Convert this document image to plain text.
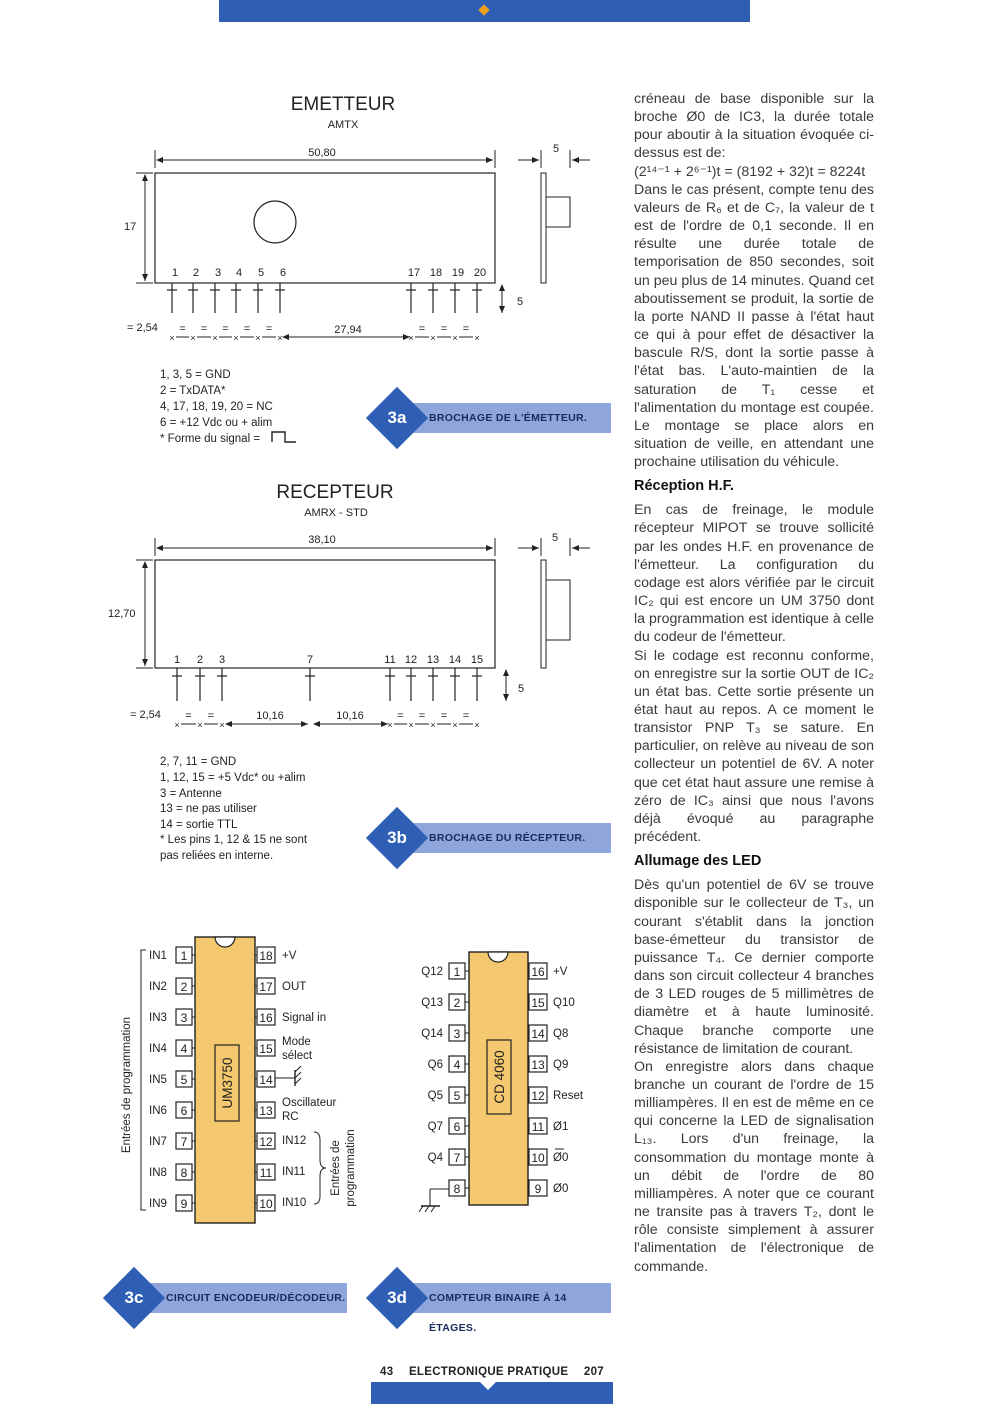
EMETTEUR
AMTX
50,80
17
5
1 2 3 4 5 6	17 18 19 20
5
= 2,54 = = = = =
× × × × × ×
= = =
× × × ×
27,94
1, 3, 5 = GND
2 = TxDATA*
4, 17, 18, 19, 20 = NC
6 = +12 Vdc ou + alim
* Forme du signal =
RECEPTEUR
AMRX - STD
38,10
12,70
5
1 2 3	7	11 12 13 14 15
5
= 2,54 = =
× × ×
= = = =
× × × × ×
10,16	10,16
2, 7, 11 = GND
1, 12, 15 = +5 Vdc* ou +alim
3 = Antenne
13 = ne pas utiliser
14 = sortie TTL
* Les pins 1, 12 & 15 ne sont
pas reliées en interne.
UM3750
1
IN1	18
2
IN2	17
3
IN3	16
4
IN4	15
5
IN5	14
6
IN6	13
7
IN7	12
8
IN8	11
9
IN9	10
+V
OUT
Signal in
Mode
sélect
Oscillateur
RC
IN12
IN11
IN10
Entrées de programmation
Entrées de programmation
CD 4060
1
Q12	16 +V
2
Q13	15 Q10
3
Q14	14 Q8
4
Q6	13 Q9
5
Q5	12 Reset
6
Q7	11 Ø1
7
Q4	10 Ø0
8	9 Ø0
3a	BROCHAGE DE L'ÉMETTEUR.
3b	BROCHAGE DU RÉCEPTEUR.
3c	CIRCUIT ENCODEUR/DÉCODEUR.	3d	COMPTEUR BINAIRE À 14 ÉTAGES.

créneau de base disponible sur la broche Ø0 de IC3, la durée totale pour aboutir à la situation évoquée ci-dessus est de:

(2¹⁴⁻¹ + 2⁶⁻¹)t = (8192 + 32)t = 8224t

Dans le cas présent, compte tenu des valeurs de R₆ et de C₇, la valeur de t est de l'ordre de 0,1 seconde. Il en résulte une durée totale de temporisation de 850 secondes, soit un peu plus de 14 minutes. Quand cet aboutissement se produit, la sortie de la porte NAND II passe à l'état haut ce qui à pour effet de désactiver la bascule R/S, dont la sortie passe à l'état bas. L'auto-maintien de la saturation de T₁ cesse et l'alimentation du montage est coupée. Le montage se place alors en situation de veille, en attendant une prochaine utilisation du véhicule.

Réception H.F.

En cas de freinage, le module récepteur MIPOT se trouve sollicité par les ondes H.F. en provenance de l'émetteur. La configuration du codage est alors vérifiée par le circuit IC₂ qui est encore un UM 3750 dont la programmation est identique à celle du codeur de l'émetteur.

Si le codage est reconnu conforme, on enregistre sur la sortie OUT de IC₂ un état bas. Cette sortie présente un état haut au repos. A ce moment le transistor PNP T₃ se sature. En particulier, on relève au niveau de son collecteur un potentiel de 6V. A noter que cet état haut assure une remise à zéro de IC₃ ainsi que nous l'avons déjà évoqué au paragraphe précédent.

Allumage des LED

Dès qu'un potentiel de 6V se trouve disponible sur le collecteur de T₃, un courant s'établit dans la jonction base-émetteur du transistor de puissance T₄. Ce dernier comporte dans son circuit collecteur 4 branches de 3 LED rouges de 5 millimètres de diamètre et à haute luminosité. Chaque branche comporte une résistance de limitation de courant.

On enregistre alors dans chaque branche un courant de l'ordre de 15 milliampères. Il en est de même en ce qui concerne la LED de signalisation L₁₃. Lors d'un freinage, la consommation du montage monte à un débit de l'ordre de 80 milliampères. A noter que ce courant ne transite pas à travers T₂, dont le rôle consiste simplement à assurer l'alimentation de l'électronique de commande.

43 ELECTRONIQUE PRATIQUE 207
